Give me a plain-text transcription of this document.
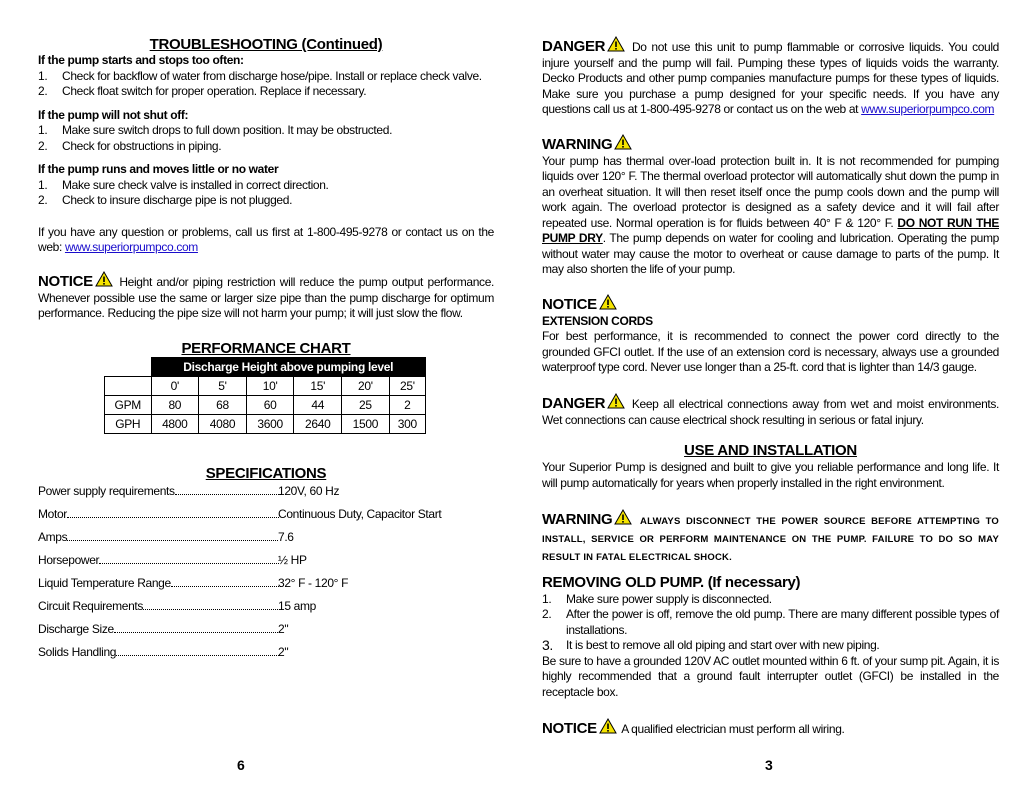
TROUBLESHOOTING (Continued)
If the pump starts and stops too often:
1. Check for backflow of water from discharge hose/pipe. Install or replace check valve.
2. Check float switch for proper operation. Replace if necessary.
If the pump will not shut off:
1. Make sure switch drops to full down position. It may be obstructed.
2. Check for obstructions in piping.
If the pump runs and moves little or no water
1. Make sure check valve is installed in correct direction.
2. Check to insure discharge pipe is not plugged.
If you have any question or problems, call us first at 1-800-495-9278 or contact us on the web: www.superiorpumpco.com
NOTICE Height and/or piping restriction will reduce the pump output performance. Whenever possible use the same or larger size pipe than the pump discharge for optimum performance. Reducing the pipe size will not harm your pump; it will just slow the flow.
PERFORMANCE CHART
	Discharge Height above pumping level					
	0'	5'	10'	15'	20'	25'
GPM	80	68	60	44	25	2
GPH	4800	4080	3600	2640	1500	300
SPECIFICATIONS
Power supply requirements	120V, 60 Hz
Motor	Continuous Duty, Capacitor Start
Amps	7.6
Horsepower	½ HP
Liquid Temperature Range	32° F - 120° F
Circuit Requirements	15 amp
Discharge Size	2"
Solids Handling	2"
6
DANGER Do not use this unit to pump flammable or corrosive liquids. You could injure yourself and the pump will fail. Pumping these types of liquids voids the warranty. Decko Products and other pump companies manufacture pumps for these types of liquids. Make sure you purchase a pump designed for your specific needs. If you have any questions call us at 1-800-495-9278 or contact us on the web at www.superiorpumpco.com
WARNING
Your pump has thermal over-load protection built in. It is not recommended for pumping liquids over 120° F. The thermal overload protector will automatically shut down the pump in an overheat situation. It will then reset itself once the pump cools down and the pump will work again. The overload protector is designed as a safety device and it will fail after repeated use. Normal operation is for fluids between 40° F & 120° F. DO NOT RUN THE PUMP DRY. The pump depends on water for cooling and lubrication. Operating the pump without water may cause the motor to overheat or cause damage to parts of the pump. It may also shorten the life of your pump.
NOTICE
EXTENSION CORDS
For best performance, it is recommended to connect the power cord directly to the grounded GFCI outlet. If the use of an extension cord is necessary, always use a grounded waterproof type cord. Never use longer than a 25-ft. cord that is lighter than 14/3 gauge.
DANGER Keep all electrical connections away from wet and moist environments. Wet connections can cause electrical shock resulting in serious or fatal injury.
USE AND INSTALLATION
Your Superior Pump is designed and built to give you reliable performance and long life. It will pump automatically for years when properly installed in the right environment.
WARNING	ALWAYS DISCONNECT THE POWER SOURCE BEFORE ATTEMPTING TO INSTALL, SERVICE OR PERFORM MAINTENANCE ON THE PUMP. FAILURE TO DO SO MAY RESULT IN FATAL ELECTRICAL SHOCK.
REMOVING OLD PUMP. (If necessary)
1. Make sure power supply is disconnected.
2. After the power is off, remove the old pump. There are many different possible types of installations.
3. It is best to remove all old piping and start over with new piping.
Be sure to have a grounded 120V AC outlet mounted within 6 ft. of your sump pit. Again, it is highly recommended that a ground fault interrupter outlet (GFCI) be installed in the receptacle box.
NOTICE A qualified electrician must perform all wiring.
3
